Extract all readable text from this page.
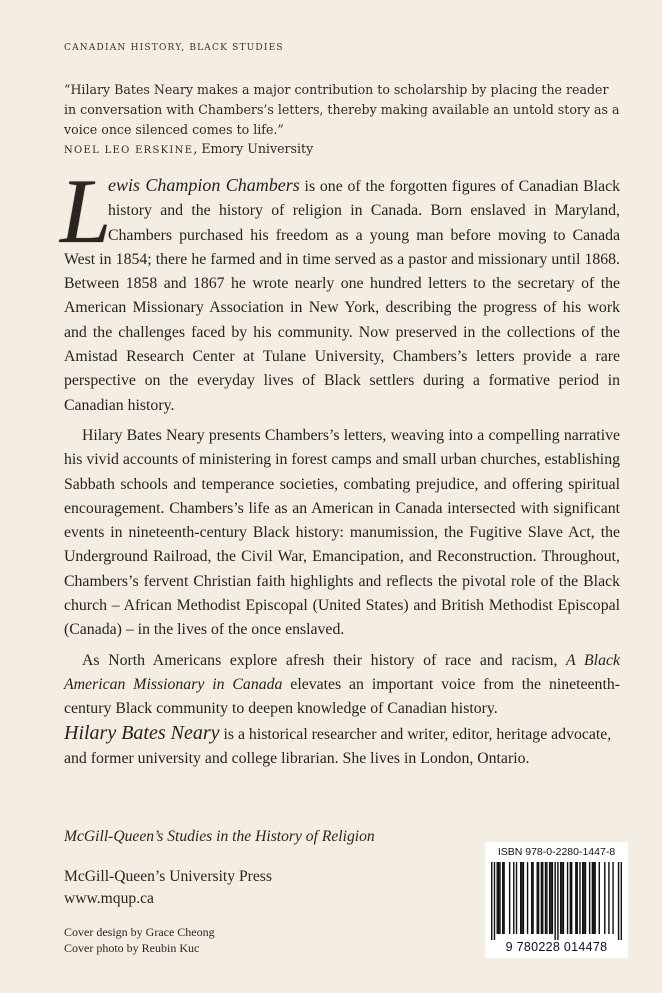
CANADIAN HISTORY, BLACK STUDIES
“Hilary Bates Neary makes a major contribution to scholarship by placing the reader in conversation with Chambers’s letters, thereby making available an untold story as a voice once silenced comes to life.”
NOEL LEO ERSKINE, Emory University

L
ewis Champion Chambers is one of the forgotten figures of Canadian Black history and the history of religion in Canada. Born enslaved in Maryland, Chambers purchased his freedom as a young man before moving to Canada West in 1854; there he farmed and in time served as a pastor and missionary until 1868. Between 1858 and 1867 he wrote nearly one hundred letters to the secretary of the American Missionary Association in New York, describing the progress of his work and the challenges faced by his community. Now preserved in the collections of the Amistad Research Center at Tulane University, Chambers’s letters provide a rare perspective on the everyday lives of Black settlers during a formative period in Canadian history.

Hilary Bates Neary presents Chambers’s letters, weaving into a compelling narrative his vivid accounts of ministering in forest camps and small urban churches, establishing Sabbath schools and temperance societies, combating prejudice, and offering spiritual encouragement. Chambers’s life as an American in Canada intersected with significant events in nineteenth-century Black history: manumission, the Fugitive Slave Act, the Underground Railroad, the Civil War, Emancipation, and Reconstruction. Throughout, Chambers’s fervent Christian faith highlights and reflects the pivotal role of the Black church – African Methodist Episcopal (United States) and British Methodist Episcopal (Canada) – in the lives of the once enslaved.

As North Americans explore afresh their history of race and racism, A Black American Missionary in Canada elevates an important voice from the nineteenth-century Black community to deepen knowledge of Canadian history.

Hilary Bates Neary is a historical researcher and writer, editor, heritage advocate, and former university and college librarian. She lives in London, Ontario.
McGill-Queen’s Studies in the History of Religion
McGill-Queen’s University Press
www.mqup.ca
Cover design by Grace Cheong
Cover photo by Reubin Kuc
ISBN 978-0-2280-1447-8
9 780228 014478
